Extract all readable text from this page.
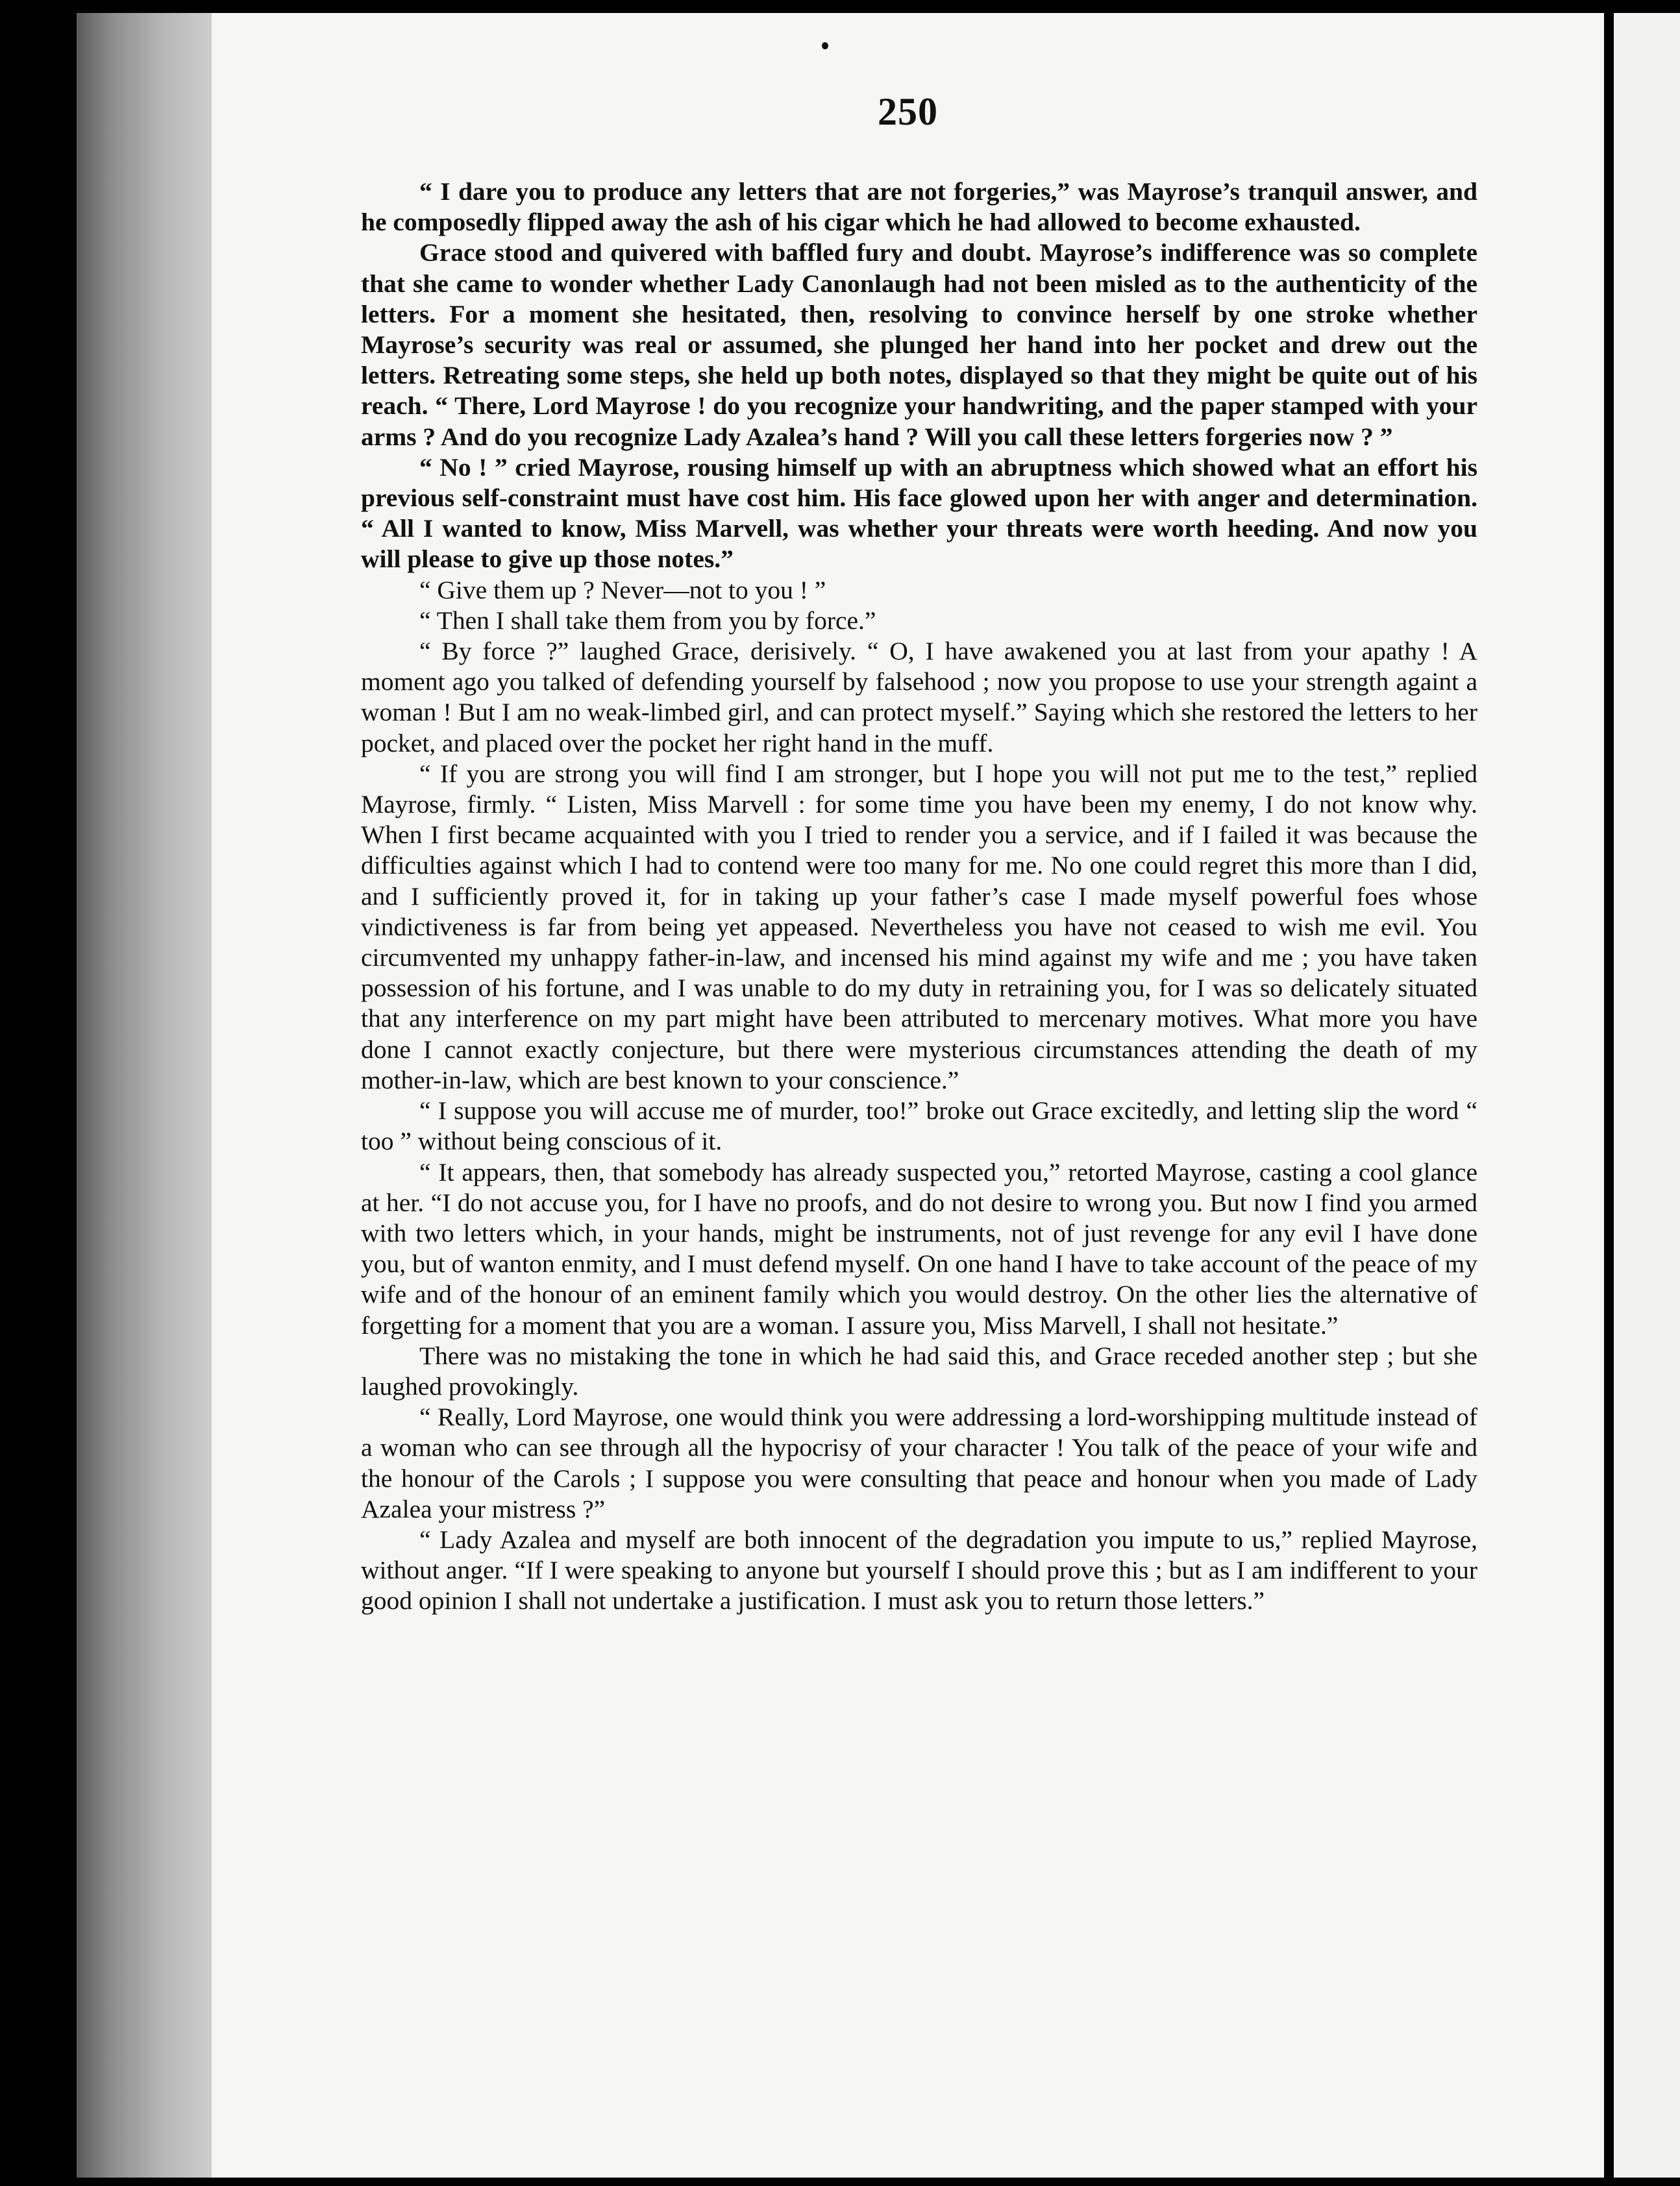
250

“ I dare you to produce any letters that are not forgeries,” was Mayrose’s tranquil answer, and he composedly flipped away the ash of his cigar which he had allowed to become exhausted.

Grace stood and quivered with baffled fury and doubt. Mayrose’s indifference was so complete that she came to wonder whether Lady Canonlaugh had not been misled as to the authenticity of the letters. For a moment she hesitated, then, resolving to convince herself by one stroke whether Mayrose’s security was real or assumed, she plunged her hand into her pocket and drew out the letters. Retreating some steps, she held up both notes, displayed so that they might be quite out of his reach. “ There, Lord Mayrose ! do you recognize your handwriting, and the paper stamped with your arms ? And do you recognize Lady Azalea’s hand ? Will you call these letters forgeries now ? ”

“ No ! ” cried Mayrose, rousing himself up with an abruptness which showed what an effort his previous self-constraint must have cost him. His face glowed upon her with anger and determination. “ All I wanted to know, Miss Marvell, was whether your threats were worth heeding. And now you will please to give up those notes.”

“ Give them up ? Never—not to you ! ”

“ Then I shall take them from you by force.”

“ By force ?” laughed Grace, derisively. “ O, I have awakened you at last from your apathy ! A moment ago you talked of defending yourself by falsehood ; now you propose to use your strength againt a woman ! But I am no weak-limbed girl, and can protect myself.” Saying which she restored the letters to her pocket, and placed over the pocket her right hand in the muff.

“ If you are strong you will find I am stronger, but I hope you will not put me to the test,” replied Mayrose, firmly. “ Listen, Miss Marvell : for some time you have been my enemy, I do not know why. When I first became acquainted with you I tried to render you a service, and if I failed it was because the difficulties against which I had to contend were too many for me. No one could regret this more than I did, and I sufficiently proved it, for in taking up your father’s case I made myself powerful foes whose vindictiveness is far from being yet appeased. Nevertheless you have not ceased to wish me evil. You circumvented my unhappy father-in-law, and incensed his mind against my wife and me ; you have taken possession of his fortune, and I was unable to do my duty in retraining you, for I was so delicately situated that any interference on my part might have been attributed to mercenary motives. What more you have done I cannot exactly conjecture, but there were mysterious circumstances attending the death of my mother-in-law, which are best known to your conscience.”

“ I suppose you will accuse me of murder, too!” broke out Grace excitedly, and letting slip the word “ too ” without being conscious of it.

“ It appears, then, that somebody has already suspected you,” retorted Mayrose, casting a cool glance at her. “I do not accuse you, for I have no proofs, and do not desire to wrong you. But now I find you armed with two letters which, in your hands, might be instruments, not of just revenge for any evil I have done you, but of wanton enmity, and I must defend myself. On one hand I have to take account of the peace of my wife and of the honour of an eminent family which you would destroy. On the other lies the alternative of forgetting for a moment that you are a woman. I assure you, Miss Marvell, I shall not hesitate.”

There was no mistaking the tone in which he had said this, and Grace receded another step ; but she laughed provokingly.

“ Really, Lord Mayrose, one would think you were addressing a lord-worshipping multitude instead of a woman who can see through all the hypocrisy of your character ! You talk of the peace of your wife and the honour of the Carols ; I suppose you were consulting that peace and honour when you made of Lady Azalea your mistress ?”

“ Lady Azalea and myself are both innocent of the degradation you impute to us,” replied Mayrose, without anger. “If I were speaking to anyone but yourself I should prove this ; but as I am indifferent to your good opinion I shall not undertake a justification. I must ask you to return those letters.”
